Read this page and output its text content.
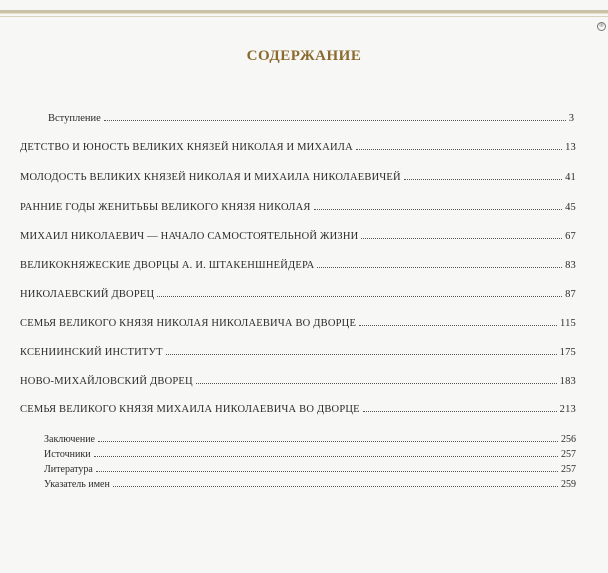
®
СОДЕРЖАНИЕ
Вступление	3
ДЕТСТВО И ЮНОСТЬ ВЕЛИКИХ КНЯЗЕЙ НИКОЛАЯ И МИХАИЛА	13
МОЛОДОСТЬ ВЕЛИКИХ КНЯЗЕЙ НИКОЛАЯ И МИХАИЛА НИКОЛАЕВИЧЕЙ	41
РАННИЕ ГОДЫ ЖЕНИТЬБЫ ВЕЛИКОГО КНЯЗЯ НИКОЛАЯ	45
МИХАИЛ НИКОЛАЕВИЧ — НАЧАЛО САМОСТОЯТЕЛЬНОЙ ЖИЗНИ	67
ВЕЛИКОКНЯЖЕСКИЕ ДВОРЦЫ А. И. ШТАКЕНШНЕЙДЕРА	83
НИКОЛАЕВСКИЙ ДВОРЕЦ	87
СЕМЬЯ ВЕЛИКОГО КНЯЗЯ НИКОЛАЯ НИКОЛАЕВИЧА ВО ДВОРЦЕ	115
КСЕНИИНСКИЙ ИНСТИТУТ	175
НОВО-МИХАЙЛОВСКИЙ ДВОРЕЦ	183
СЕМЬЯ ВЕЛИКОГО КНЯЗЯ МИХАИЛА НИКОЛАЕВИЧА ВО ДВОРЦЕ	213
Заключение	256
Источники	257
Литература	257
Указатель имен	259
